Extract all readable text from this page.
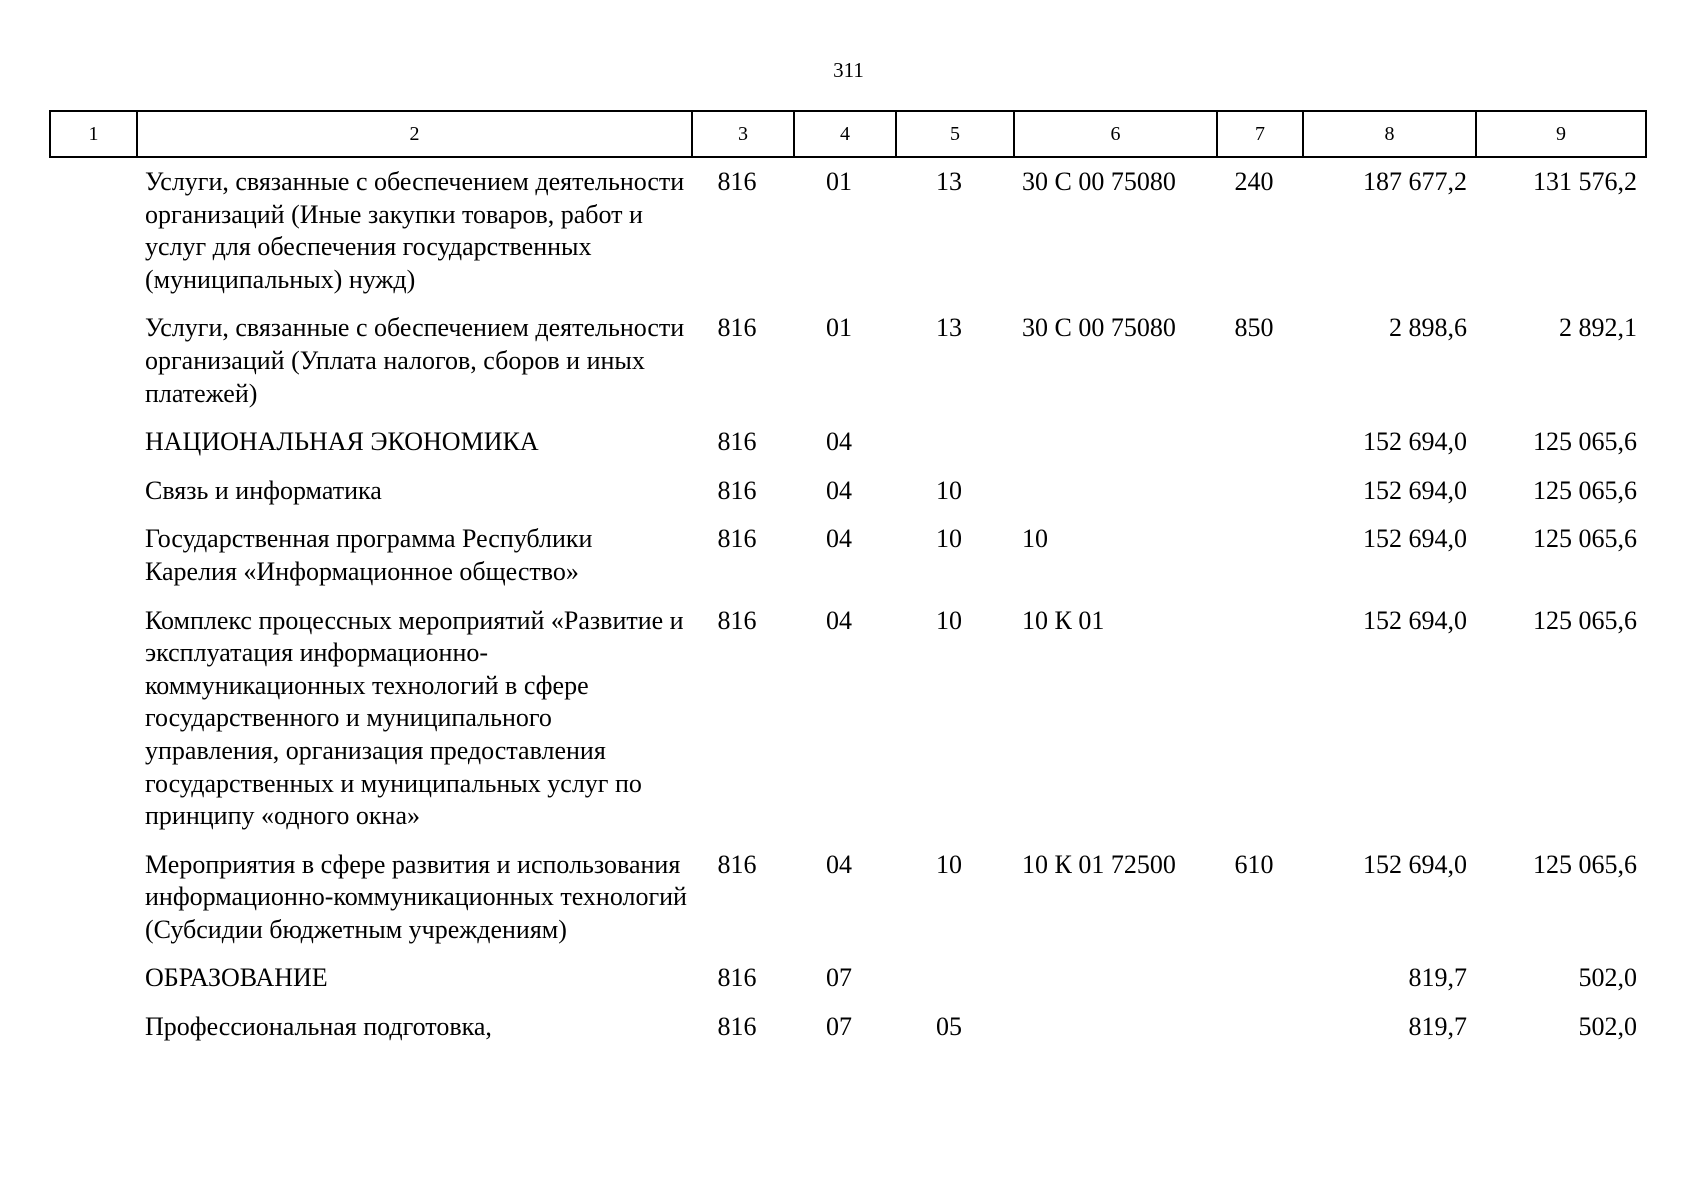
311
1	2	3	4	5	6	7	8	9
	Услуги, связанные с обеспечением деятельности организаций (Иные закупки товаров, работ и услуг для обеспечения государственных (муниципальных) нужд)	816	01	13	30 С 00 75080	240	187 677,2	131 576,2
	Услуги, связанные с обеспечением деятельности организаций (Уплата налогов, сборов и иных платежей)	816	01	13	30 С 00 75080	850	2 898,6	2 892,1
	НАЦИОНАЛЬНАЯ ЭКОНОМИКА	816	04				152 694,0	125 065,6
	Связь и информатика	816	04	10			152 694,0	125 065,6
	Государственная программа Республики Карелия «Информационное общество»	816	04	10	10		152 694,0	125 065,6
	Комплекс процессных мероприятий «Развитие и эксплуатация информационно-коммуникационных технологий в сфере государственного и муниципального управления, организация предоставления государственных и муниципальных услуг по принципу «одного окна»	816	04	10	10 К 01		152 694,0	125 065,6
	Мероприятия в сфере развития и использования информационно-коммуникационных технологий (Субсидии бюджетным учреждениям)	816	04	10	10 К 01 72500	610	152 694,0	125 065,6
	ОБРАЗОВАНИЕ	816	07				819,7	502,0
	Профессиональная подготовка,	816	07	05			819,7	502,0
